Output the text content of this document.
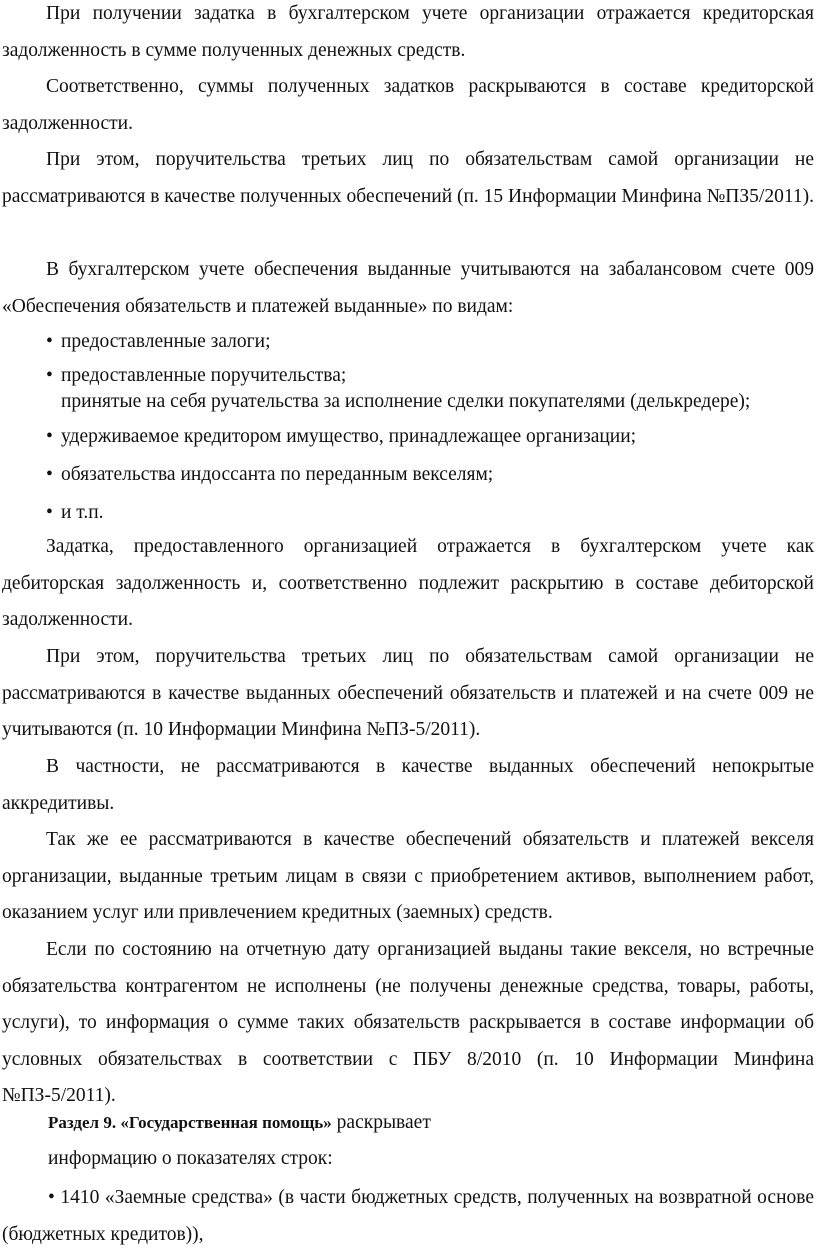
При получении задатка в бухгалтерском учете организации отражается кредиторская задолженность в сумме полученных денежных средств.

Соответственно, суммы полученных задатков раскрываются в составе кредиторской задолженности.

При этом, поручительства третьих лиц по обязательствам самой организации не рассматриваются в качестве полученных обеспечений (п. 15 Информации Минфина №ПЗ5/2011).

В бухгалтерском учете обеспечения выданные учитываются на забалансовом счете 009 «Обеспечения обязательств и платежей выданные» по видам:

• предоставленные залоги;
• предоставленные поручительства;
принятые на себя ручательства за исполнение сделки покупателями (делькредере);
• удерживаемое кредитором имущество, принадлежащее организации;
• обязательства индоссанта по переданным векселям;
• и т.п.

Задатка, предоставленного организацией отражается в бухгалтерском учете как дебиторская задолженность и, соответственно подлежит раскрытию в составе дебиторской задолженности.

При этом, поручительства третьих лиц по обязательствам самой организации не рассматриваются в качестве выданных обеспечений обязательств и платежей и на счете 009 не учитываются (п. 10 Информации Минфина №ПЗ-5/2011).

В частности, не рассматриваются в качестве выданных обеспечений непокрытые аккредитивы.

Так же ее рассматриваются в качестве обеспечений обязательств и платежей векселя организации, выданные третьим лицам в связи с приобретением активов, выполнением работ, оказанием услуг или привлечением кредитных (заемных) средств.

Если по состоянию на отчетную дату организацией выданы такие векселя, но встречные обязательства контрагентом не исполнены (не получены денежные средства, товары, работы, услуги), то информация о сумме таких обязательств раскрывается в составе информации об условных обязательствах в соответствии с ПБУ 8/2010 (п. 10 Информации Минфина №ПЗ-5/2011).

Раздел 9. «Государственная помощь» раскрывает

информацию о показателях строк:

• 1410 «Заемные средства» (в части бюджетных средств, полученных на возвратной основе (бюджетных кредитов)),
